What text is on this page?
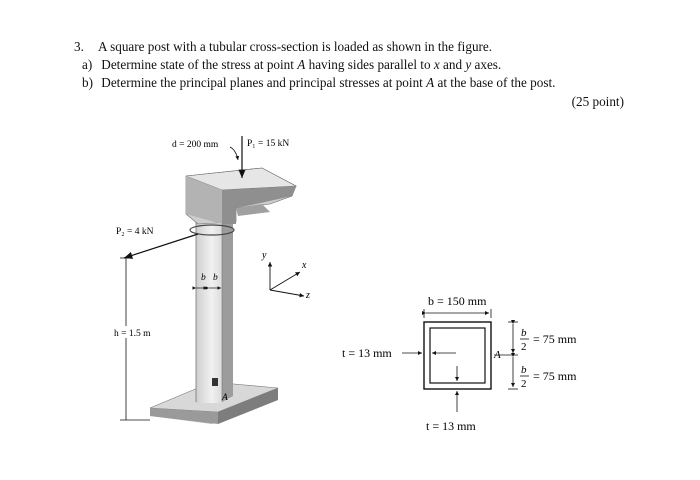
3. A square post with a tubular cross-section is loaded as shown in the figure.
a) Determine state of the stress at point A having sides parallel to x and y axes.
b) Determine the principal planes and principal stresses at point A at the base of the post.
(25 point)
P₁ = 15 kN
d = 200 mm
P₂ = 4 kN
h = 1.5 m
b b
A
y
x
z	b = 150 mm
t = 13 mm
t = 13 mm
A
b
2
= 75 mm
b
2
= 75 mm
